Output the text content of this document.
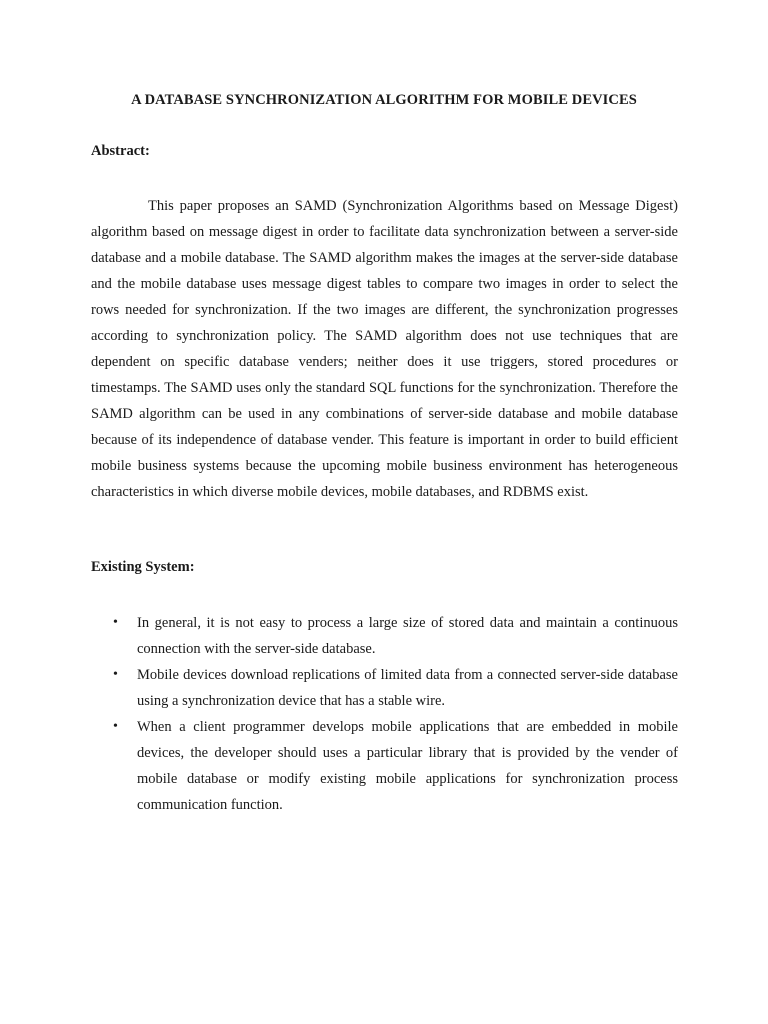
A DATABASE SYNCHRONIZATION ALGORITHM FOR MOBILE DEVICES
Abstract:

This paper proposes an SAMD (Synchronization Algorithms based on Message Digest) algorithm based on message digest in order to facilitate data synchronization between a server-side database and a mobile database. The SAMD algorithm makes the images at the server-side database and the mobile database uses message digest tables to compare two images in order to select the rows needed for synchronization. If the two images are different, the synchronization progresses according to synchronization policy. The SAMD algorithm does not use techniques that are dependent on specific database venders; neither does it use triggers, stored procedures or timestamps. The SAMD uses only the standard SQL functions for the synchronization. Therefore the SAMD algorithm can be used in any combinations of server-side database and mobile database because of its independence of database vender. This feature is important in order to build efficient mobile business systems because the upcoming mobile business environment has heterogeneous characteristics in which diverse mobile devices, mobile databases, and RDBMS exist.

Existing System:
• In general, it is not easy to process a large size of stored data and maintain a continuous connection with the server-side database.
• Mobile devices download replications of limited data from a connected server-side database using a synchronization device that has a stable wire.
• When a client programmer develops mobile applications that are embedded in mobile devices, the developer should uses a particular library that is provided by the vender of mobile database or modify existing mobile applications for synchronization process communication function.
